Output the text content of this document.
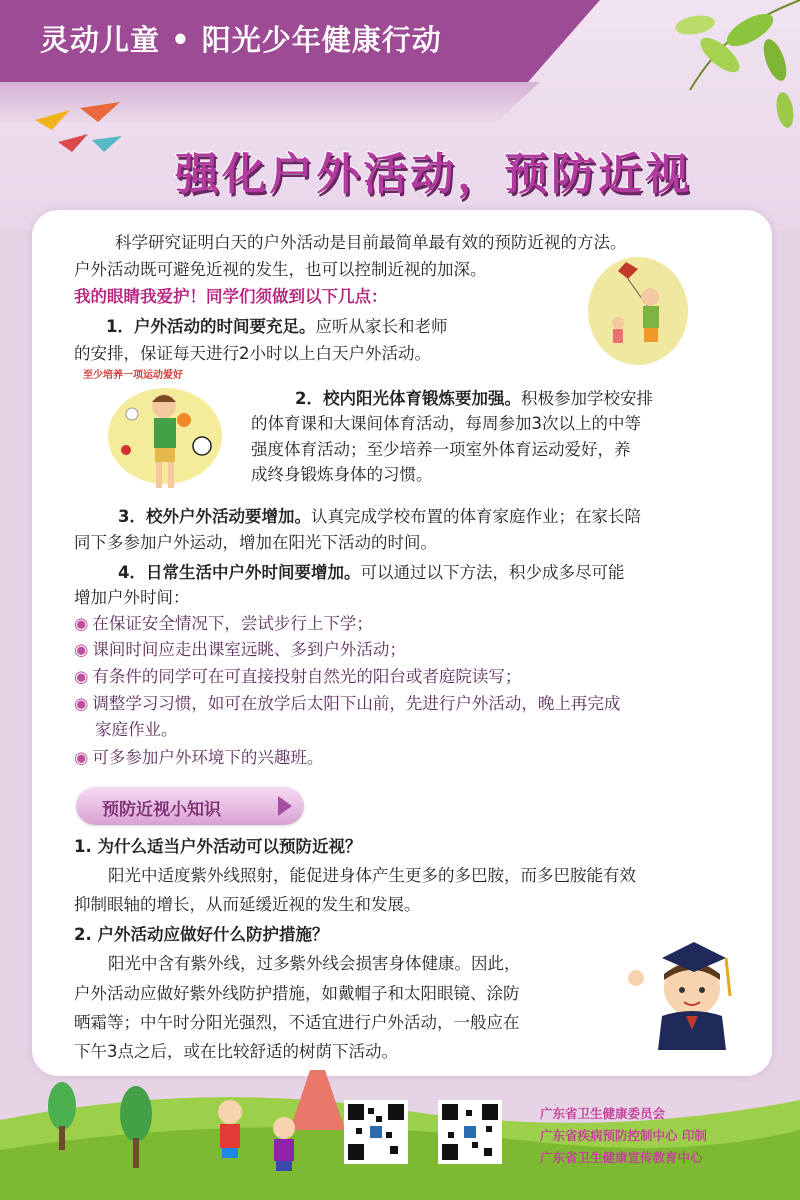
灵动儿童 • 阳光少年健康行动
强化户外活动，预防近视
科学研究证明白天的户外活动是目前最简单最有效的预防近视的方法。
户外活动既可避免近视的发生，也可以控制近视的加深。
我的眼睛我爱护！同学们须做到以下几点：
1．户外活动的时间要充足。应听从家长和老师
的安排，保证每天进行2小时以上白天户外活动。
至少培养一项运动爱好
2．校内阳光体育锻炼要加强。积极参加学校安排
的体育课和大课间体育活动，每周参加3次以上的中等
强度体育活动；至少培养一项室外体育运动爱好，养
成终身锻炼身体的习惯。
3．校外户外活动要增加。认真完成学校布置的体育家庭作业；在家长陪
同下多参加户外运动，增加在阳光下活动的时间。
4．日常生活中户外时间要增加。可以通过以下方法，积少成多尽可能
增加户外时间：
◉ 在保证安全情况下，尝试步行上下学；
◉ 课间时间应走出课室远眺、多到户外活动；
◉ 有条件的同学可在可直接投射自然光的阳台或者庭院读写；
◉ 调整学习习惯，如可在放学后太阳下山前，先进行户外活动，晚上再完成
家庭作业。
◉ 可多参加户外环境下的兴趣班。
预防近视小知识
1. 为什么适当户外活动可以预防近视？
阳光中适度紫外线照射，能促进身体产生更多的多巴胺，而多巴胺能有效
抑制眼轴的增长，从而延缓近视的发生和发展。
2. 户外活动应做好什么防护措施？
阳光中含有紫外线，过多紫外线会损害身体健康。因此，
户外活动应做好紫外线防护措施，如戴帽子和太阳眼镜、涂防
晒霜等；中午时分阳光强烈，不适宜进行户外活动，一般应在
下午3点之后，或在比较舒适的树荫下活动。
广东省卫生健康委员会
广东省疾病预防控制中心 印制
广东省卫生健康宣传教育中心
